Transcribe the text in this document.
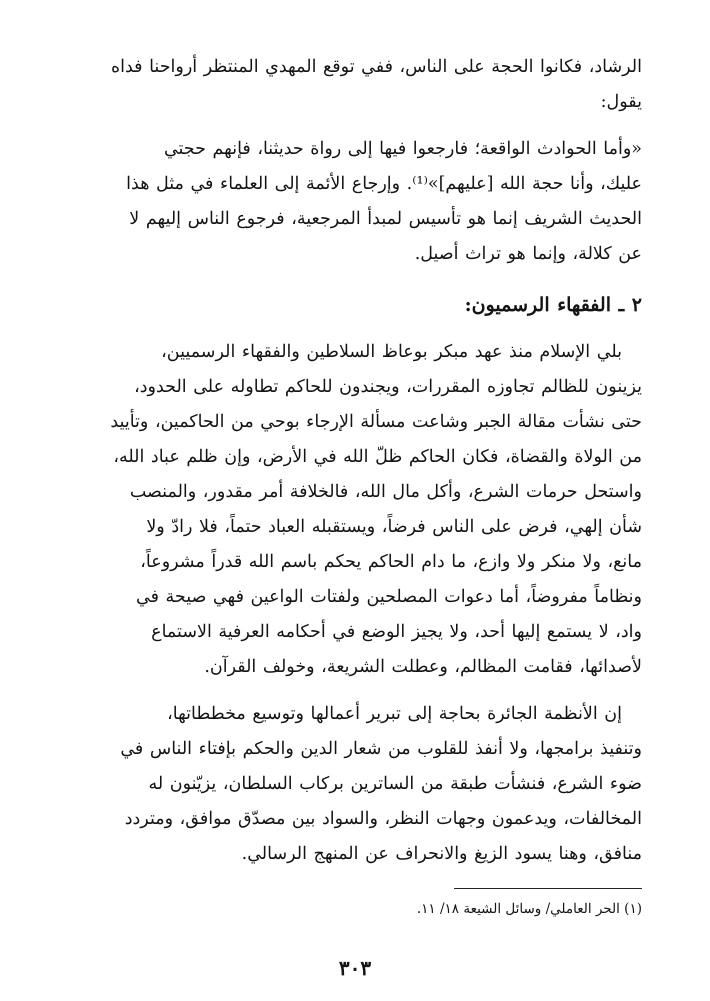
الرشاد، فكانوا الحجة على الناس، ففي توقع المهدي المنتظر أرواحنا فداه

يقول:

«وأما الحوادث الواقعة؛ فارجعوا فيها إلى رواة حديثنا، فإنهم حجتي

عليك، وأنا حجة الله [عليهم]»⁽¹⁾. وإرجاع الأئمة إلى العلماء في مثل هذا

الحديث الشريف إنما هو تأسيس لمبدأ المرجعية، فرجوع الناس إليهم لا

عن كلالة، وإنما هو تراث أصيل.

٢ ـ الفقهاء الرسميون:

بلي الإسلام منذ عهد مبكر بوعاظ السلاطين والفقهاء الرسميين،

يزينون للظالم تجاوزه المقررات، ويجندون للحاكم تطاوله على الحدود،

حتى نشأت مقالة الجبر وشاعت مسألة الإرجاء بوحي من الحاكمين، وتأييد

من الولاة والقضاة، فكان الحاكم ظلّ الله في الأرض، وإن ظلم عباد الله،

واستحل حرمات الشرع، وأكل مال الله، فالخلافة أمر مقدور، والمنصب

شأن إلهي، فرض على الناس فرضاً، ويستقبله العباد حتماً، فلا رادّ ولا

مانع، ولا منكر ولا وازع، ما دام الحاكم يحكم باسم الله قدراً مشروعاً،

ونظاماً مفروضاً، أما دعوات المصلحين ولفتات الواعين فهي صيحة في

واد، لا يستمع إليها أحد، ولا يجيز الوضع في أحكامه العرفية الاستماع

لأصدائها، فقامت المظالم، وعطلت الشريعة، وخولف القرآن.

إن الأنظمة الجائرة بحاجة إلى تبرير أعمالها وتوسيع مخططاتها،

وتنفيذ برامجها، ولا أنفذ للقلوب من شعار الدين والحكم بإفتاء الناس في

ضوء الشرع، فنشأت طبقة من الساترين بركاب السلطان، يزيّنون له

المخالفات، ويدعمون وجهات النظر، والسواد بين مصدّق موافق، ومتردد

منافق، وهنا يسود الزيغ والانحراف عن المنهج الرسالي.

(١) الحر العاملي/ وسائل الشيعة ١٨/ ١١.
٣٠٣
